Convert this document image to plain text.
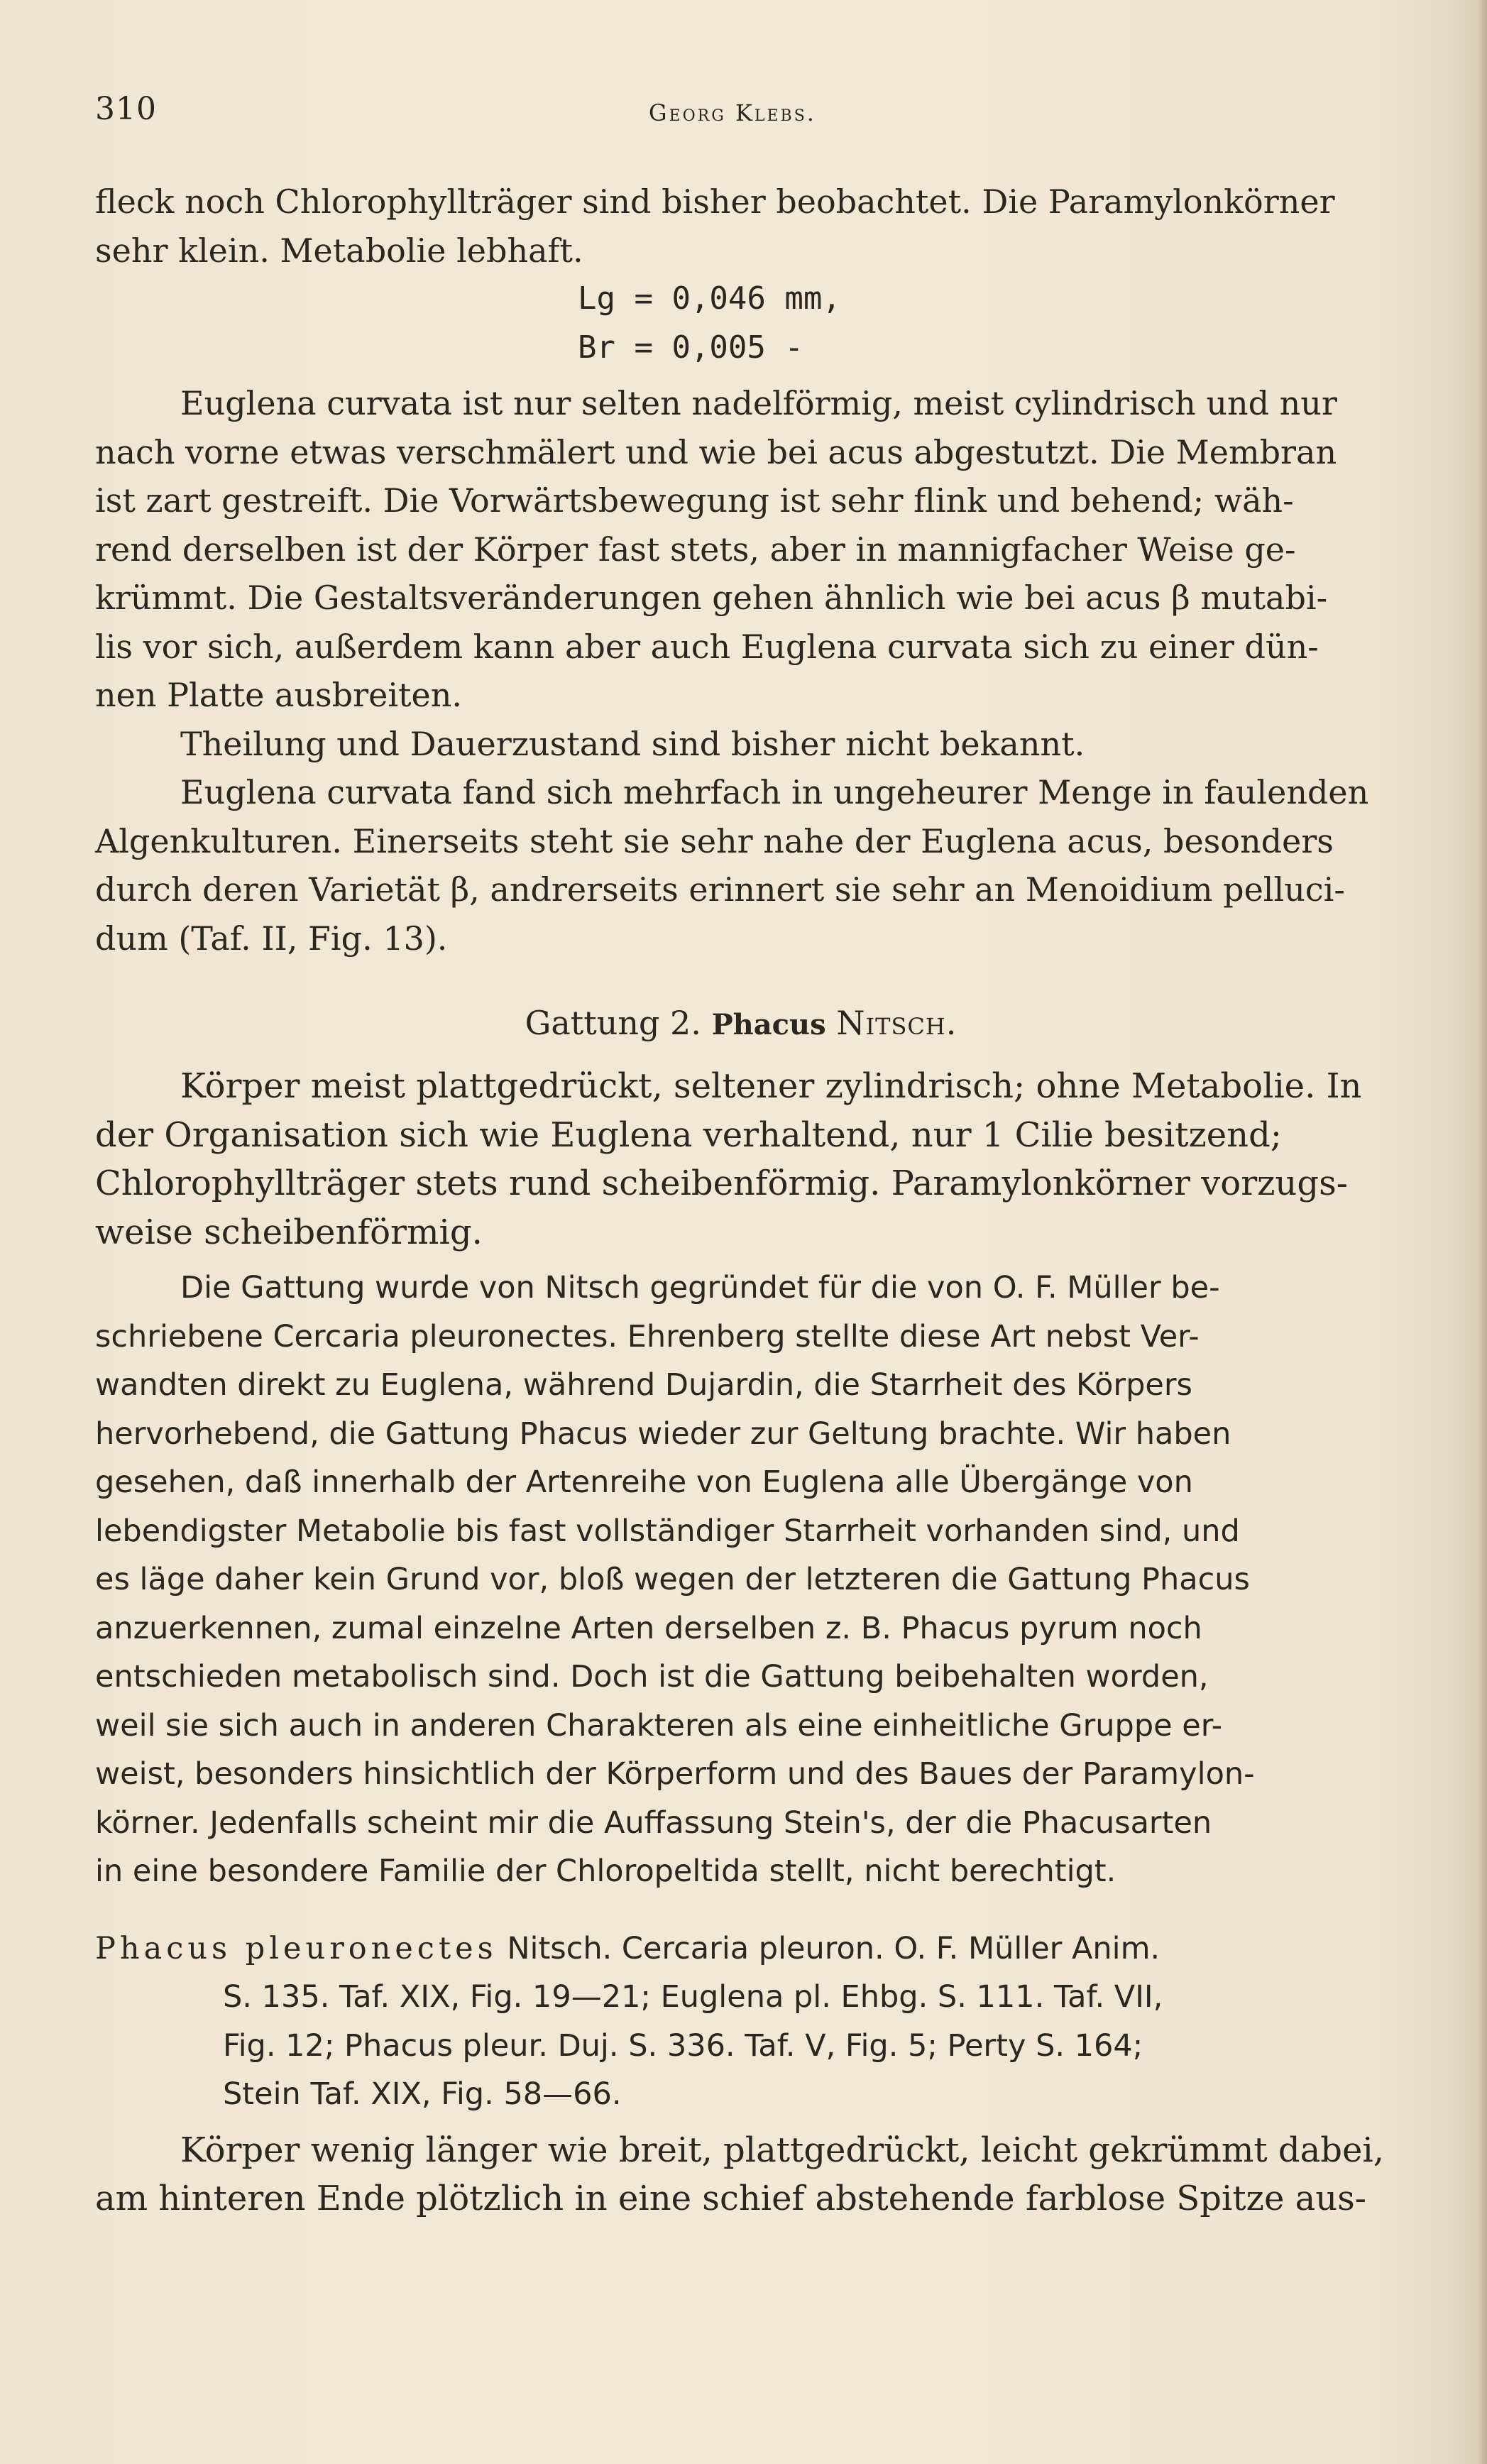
310	Georg Klebs.

fleck noch Chlorophyllträger sind bisher beobachtet. Die Paramylonkörner

sehr klein. Metabolie lebhaft.

Lg = 0,046 mm,

Br = 0,005 -

Euglena curvata ist nur selten nadelförmig, meist cylindrisch und nur

nach vorne etwas verschmälert und wie bei acus abgestutzt. Die Membran

ist zart gestreift. Die Vorwärtsbewegung ist sehr flink und behend; wäh-

rend derselben ist der Körper fast stets, aber in mannigfacher Weise ge-

krümmt. Die Gestaltsveränderungen gehen ähnlich wie bei acus β mutabi-

lis vor sich, außerdem kann aber auch Euglena curvata sich zu einer dün-

nen Platte ausbreiten.

Theilung und Dauerzustand sind bisher nicht bekannt.

Euglena curvata fand sich mehrfach in ungeheurer Menge in faulenden

Algenkulturen. Einerseits steht sie sehr nahe der Euglena acus, besonders

durch deren Varietät β, andrerseits erinnert sie sehr an Menoidium pelluci-

dum (Taf. II, Fig. 13).

Gattung 2. Phacus Nitsch.

Körper meist plattgedrückt, seltener zylindrisch; ohne Metabolie. In

der Organisation sich wie Euglena verhaltend, nur 1 Cilie besitzend;

Chlorophyllträger stets rund scheibenförmig. Paramylonkörner vorzugs-

weise scheibenförmig.

Die Gattung wurde von Nitsch gegründet für die von O. F. Müller be-

schriebene Cercaria pleuronectes. Ehrenberg stellte diese Art nebst Ver-

wandten direkt zu Euglena, während Dujardin, die Starrheit des Körpers

hervorhebend, die Gattung Phacus wieder zur Geltung brachte. Wir haben

gesehen, daß innerhalb der Artenreihe von Euglena alle Übergänge von

lebendigster Metabolie bis fast vollständiger Starrheit vorhanden sind, und

es läge daher kein Grund vor, bloß wegen der letzteren die Gattung Phacus

anzuerkennen, zumal einzelne Arten derselben z. B. Phacus pyrum noch

entschieden metabolisch sind. Doch ist die Gattung beibehalten worden,

weil sie sich auch in anderen Charakteren als eine einheitliche Gruppe er-

weist, besonders hinsichtlich der Körperform und des Baues der Paramylon-

körner. Jedenfalls scheint mir die Auffassung Stein's, der die Phacusarten

in eine besondere Familie der Chloropeltida stellt, nicht berechtigt.

Phacus pleuronectes Nitsch. Cercaria pleuron. O. F. Müller Anim.

S. 135. Taf. XIX, Fig. 19—21; Euglena pl. Ehbg. S. 111. Taf. VII,

Fig. 12; Phacus pleur. Duj. S. 336. Taf. V, Fig. 5; Perty S. 164;

Stein Taf. XIX, Fig. 58—66.

Körper wenig länger wie breit, plattgedrückt, leicht gekrümmt dabei,

am hinteren Ende plötzlich in eine schief abstehende farblose Spitze aus-
